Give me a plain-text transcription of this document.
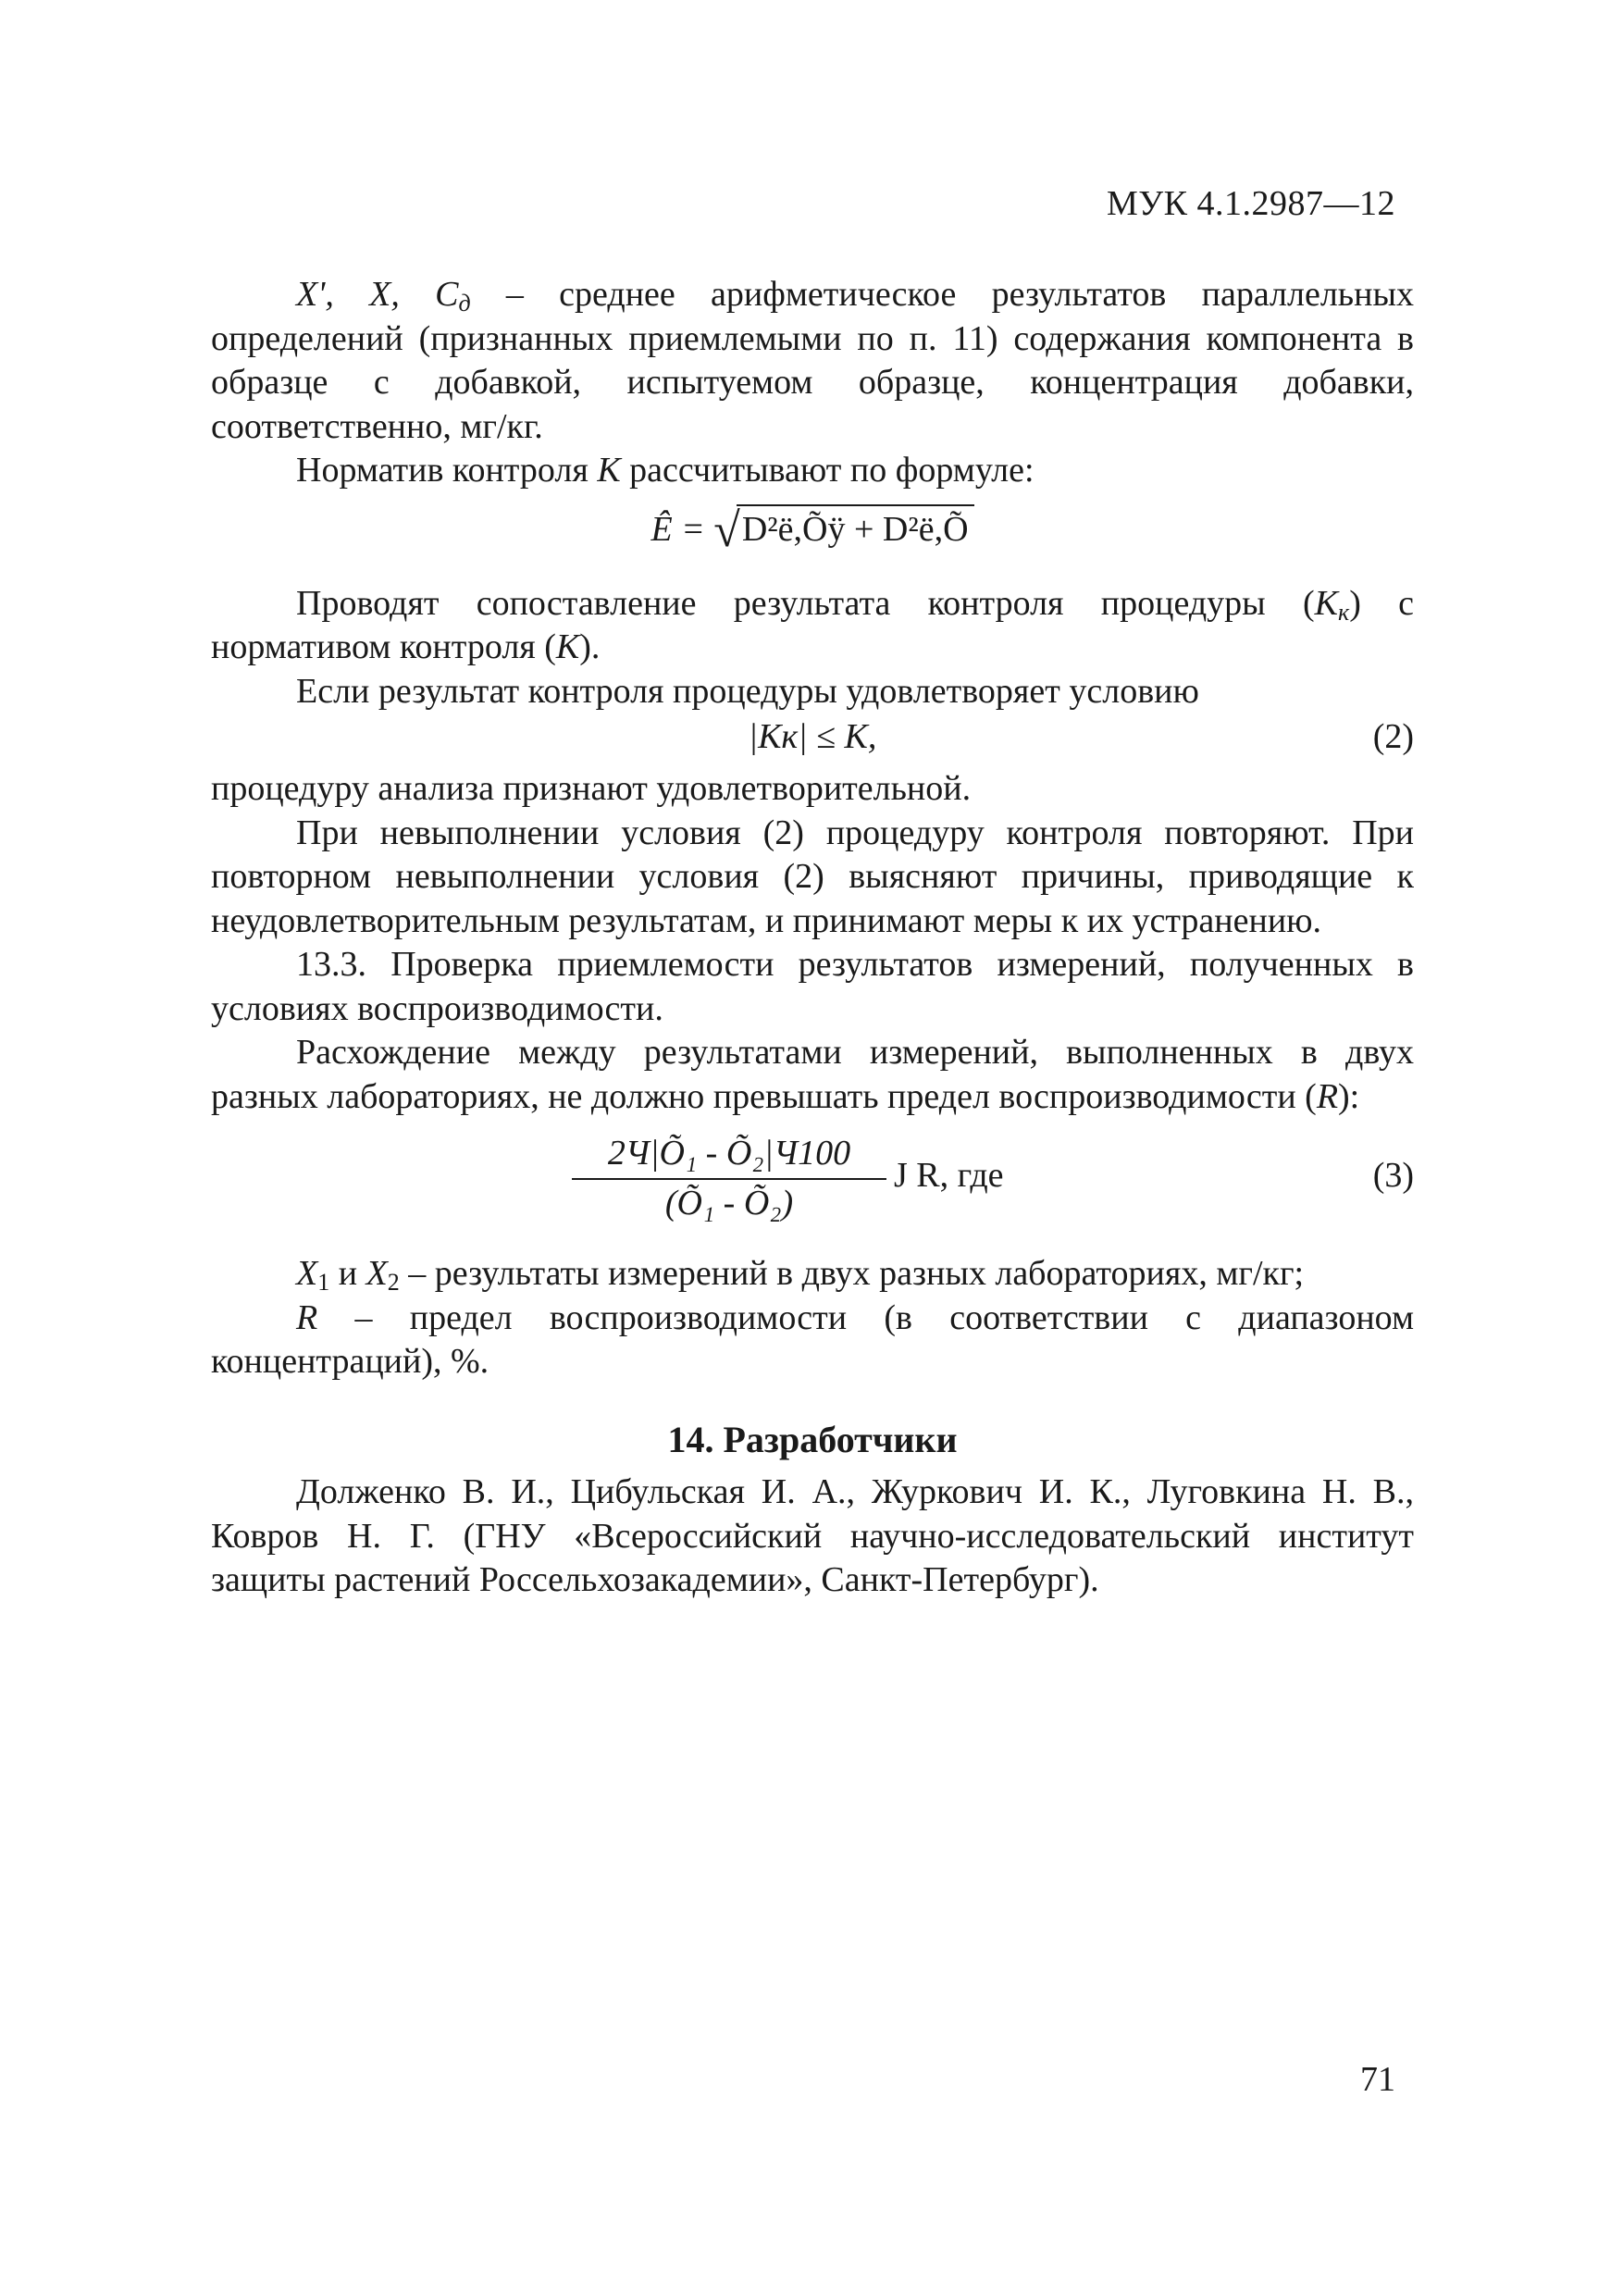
МУК 4.1.2987—12

X', X, $C_д$ – среднее арифметическое результатов параллельных определений (признанных приемлемыми по п. 11) содержания компонента в образце с добавкой, испытуемом образце, концентрация добавки, соответственно, мг/кг.

Норматив контроля K рассчитывают по формуле:

Ê = √D²ё,Õÿ + D²ё,Õ

Проводят сопоставление результата контроля процедуры $(K_к)$ с нормативом контроля (K).

Если результат контроля процедуры удовлетворяет условию

|Kк| ≤ K,	(2)

процедуру анализа признают удовлетворительной.

При невыполнении условия (2) процедуру контроля повторяют. При повторном невыполнении условия (2) выясняют причины, приводящие к неудовлетворительным результатам, и принимают меры к их устранению.

13.3. Проверка приемлемости результатов измерений, полученных в условиях воспроизводимости.

Расхождение между результатами измерений, выполненных в двух разных лабораториях, не должно превышать предел воспроизводимости (R):

2Ч|Õ₁ - Õ₂|Ч100
(Õ₁ - Õ₂)
J R, где	(3)

$X_1$ и $X_2$ – результаты измерений в двух разных лабораториях, мг/кг;

R – предел воспроизводимости (в соответствии с диапазоном концентраций), %.

14. Разработчики

Долженко В. И., Цибульская И. А., Журкович И. К., Луговкина Н. В., Ковров Н. Г. (ГНУ «Всероссийский научно-исследовательский институт защиты растений Россельхозакадемии», Санкт-Петербург).

71
